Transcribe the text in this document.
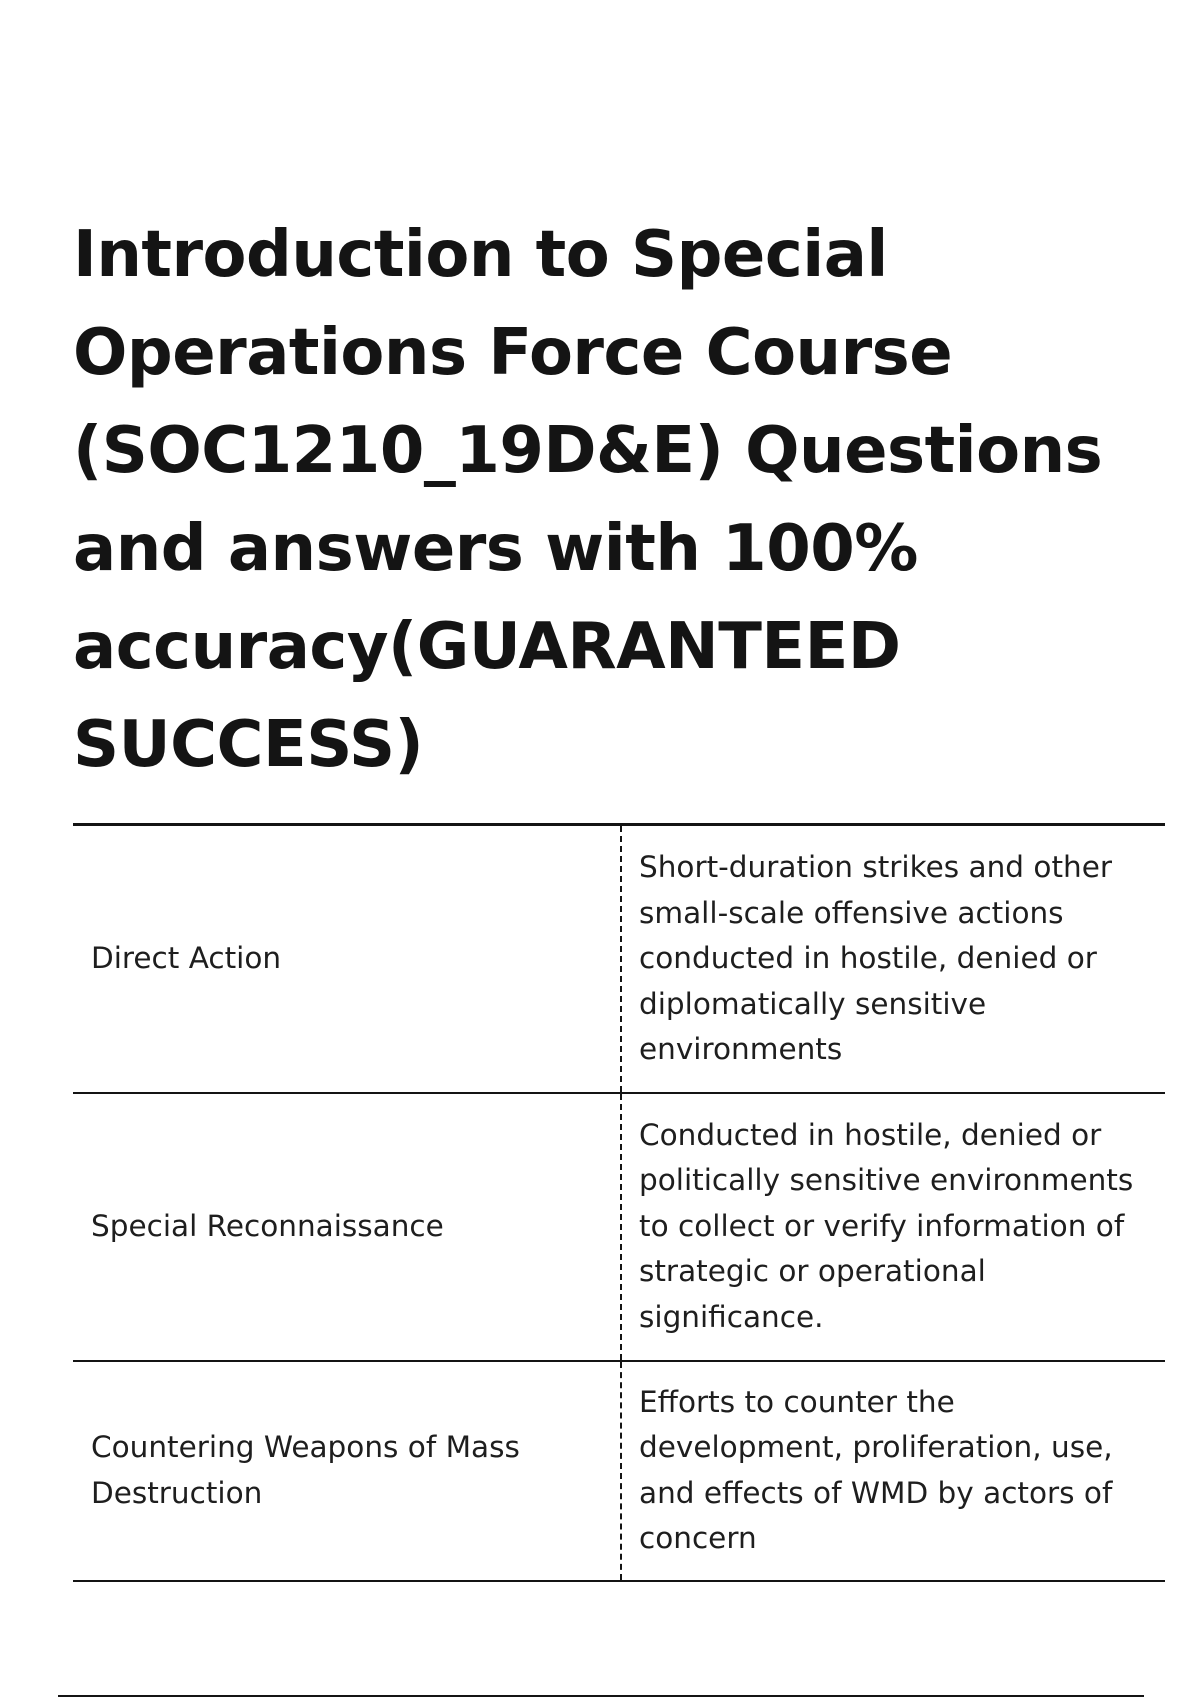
Introduction to Special Operations Force Course (SOC1210_19D&E) Questions and answers with 100% accuracy(GUARANTEED SUCCESS)
Direct Action	Short-duration strikes and other small-scale offensive actions conducted in hostile, denied or diplomatically sensitive environments
Special Reconnaissance	Conducted in hostile, denied or politically sensitive environments to collect or verify information of strategic or operational significance.
Countering Weapons of Mass Destruction	Efforts to counter the development, proliferation, use, and effects of WMD by actors of concern
